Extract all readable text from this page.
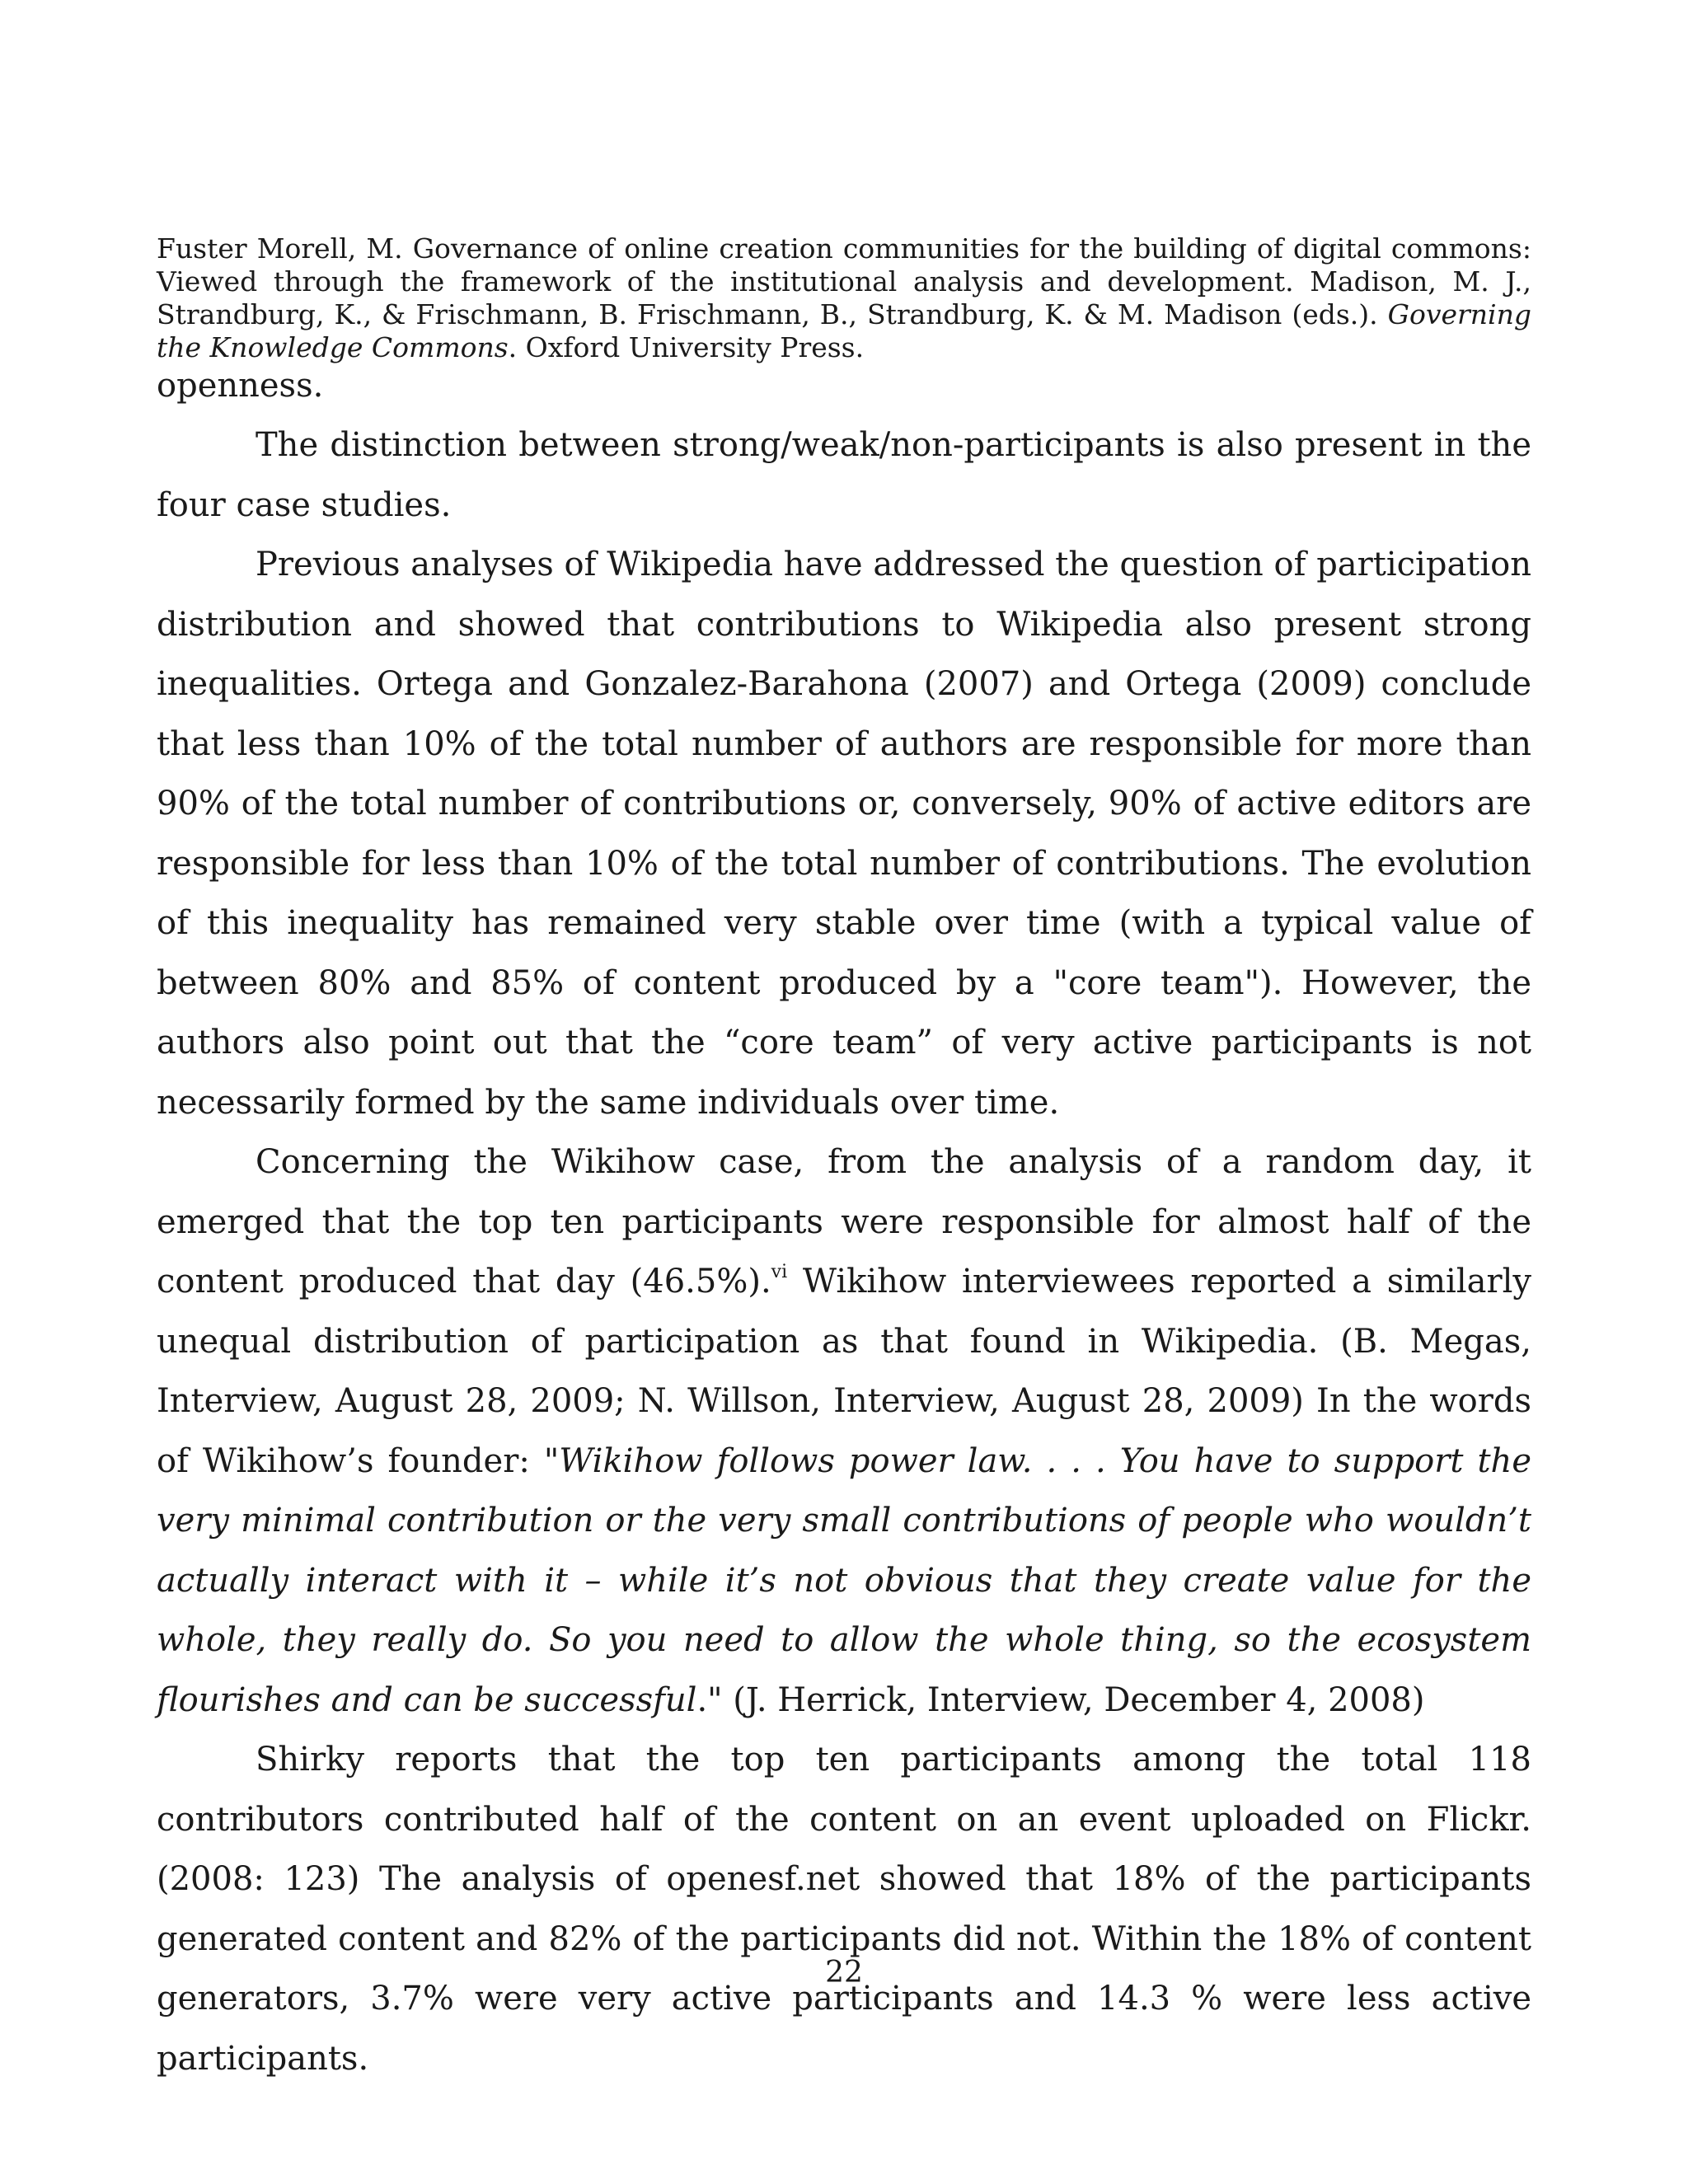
Fuster Morell, M. Governance of online creation communities for the building of digital commons: Viewed through the framework of the institutional analysis and development. Madison, M. J., Strandburg, K., & Frischmann, B. Frischmann, B., Strandburg, K. & M. Madison (eds.). Governing the Knowledge Commons. Oxford University Press.

openness.

The distinction between strong/weak/non-participants is also present in the four case studies.

Previous analyses of Wikipedia have addressed the question of participation distribution and showed that contributions to Wikipedia also present strong inequalities. Ortega and Gonzalez-Barahona (2007) and Ortega (2009) conclude that less than 10% of the total number of authors are responsible for more than 90% of the total number of contributions or, conversely, 90% of active editors are responsible for less than 10% of the total number of contributions. The evolution of this inequality has remained very stable over time (with a typical value of between 80% and 85% of content produced by a "core team"). However, the authors also point out that the “core team” of very active participants is not necessarily formed by the same individuals over time.

Concerning the Wikihow case, from the analysis of a random day, it emerged that the top ten participants were responsible for almost half of the content produced that day (46.5%).$^{vi}$ Wikihow interviewees reported a similarly unequal distribution of participation as that found in Wikipedia. (B. Megas, Interview, August 28, 2009; N. Willson, Interview, August 28, 2009) In the words of Wikihow’s founder: "Wikihow follows power law. . . . You have to support the very minimal contribution or the very small contributions of people who wouldn’t actually interact with it – while it’s not obvious that they create value for the whole, they really do. So you need to allow the whole thing, so the ecosystem flourishes and can be successful." (J. Herrick, Interview, December 4, 2008)

Shirky reports that the top ten participants among the total 118 contributors contributed half of the content on an event uploaded on Flickr. (2008: 123) The analysis of openesf.net showed that 18% of the participants generated content and 82% of the participants did not. Within the 18% of content generators, 3.7% were very active participants and 14.3 % were less active participants.

22
